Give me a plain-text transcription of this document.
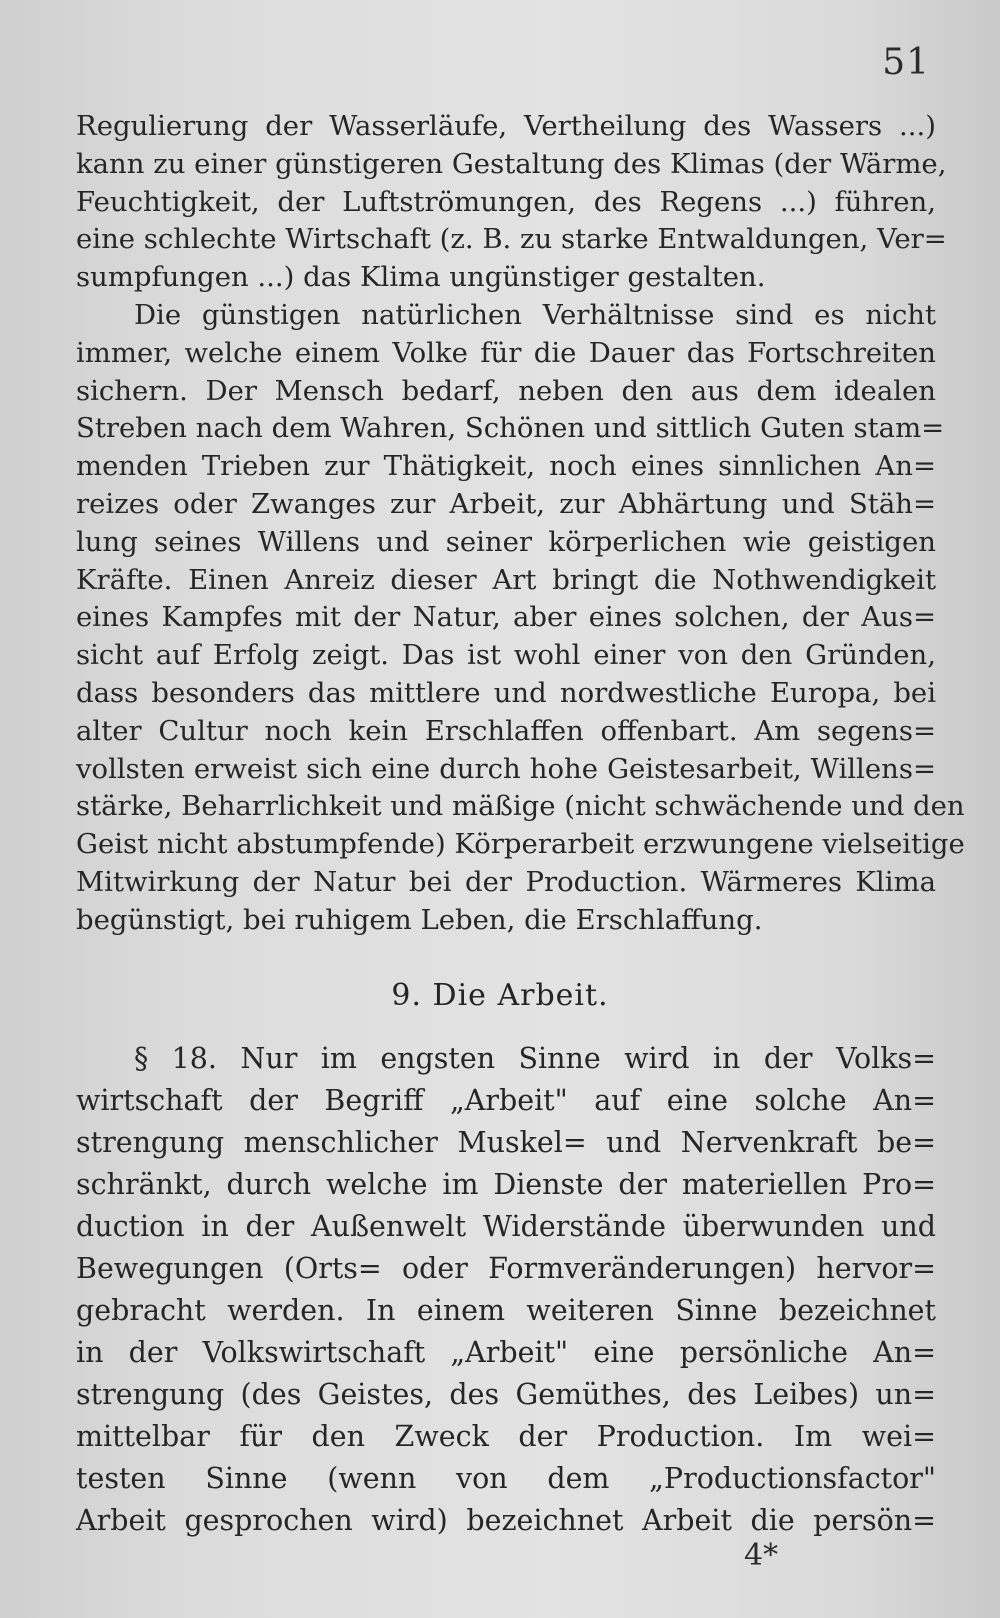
51
Regulierung der Wasserläufe, Vertheilung des Wassers ...)
kann zu einer günstigeren Gestaltung des Klimas (der Wärme,
Feuchtigkeit, der Luftströmungen, des Regens ...) führen,
eine schlechte Wirtschaft (z. B. zu starke Entwaldungen, Ver=
sumpfungen ...) das Klima ungünstiger gestalten.
Die günstigen natürlichen Verhältnisse sind es nicht
immer, welche einem Volke für die Dauer das Fortschreiten
sichern. Der Mensch bedarf, neben den aus dem idealen
Streben nach dem Wahren, Schönen und sittlich Guten stam=
menden Trieben zur Thätigkeit, noch eines sinnlichen An=
reizes oder Zwanges zur Arbeit, zur Abhärtung und Stäh=
lung seines Willens und seiner körperlichen wie geistigen
Kräfte. Einen Anreiz dieser Art bringt die Nothwendigkeit
eines Kampfes mit der Natur, aber eines solchen, der Aus=
sicht auf Erfolg zeigt. Das ist wohl einer von den Gründen,
dass besonders das mittlere und nordwestliche Europa, bei
alter Cultur noch kein Erschlaffen offenbart. Am segens=
vollsten erweist sich eine durch hohe Geistesarbeit, Willens=
stärke, Beharrlichkeit und mäßige (nicht schwächende und den
Geist nicht abstumpfende) Körperarbeit erzwungene vielseitige
Mitwirkung der Natur bei der Production. Wärmeres Klima
begünstigt, bei ruhigem Leben, die Erschlaffung.
9. Die Arbeit.
§ 18. Nur im engsten Sinne wird in der Volks=
wirtschaft der Begriff „Arbeit" auf eine solche An=
strengung menschlicher Muskel= und Nervenkraft be=
schränkt, durch welche im Dienste der materiellen Pro=
duction in der Außenwelt Widerstände überwunden und
Bewegungen (Orts= oder Formveränderungen) hervor=
gebracht werden. In einem weiteren Sinne bezeichnet
in der Volkswirtschaft „Arbeit" eine persönliche An=
strengung (des Geistes, des Gemüthes, des Leibes) un=
mittelbar für den Zweck der Production. Im wei=
testen Sinne (wenn von dem „Productionsfactor"
Arbeit gesprochen wird) bezeichnet Arbeit die persön=
4*
